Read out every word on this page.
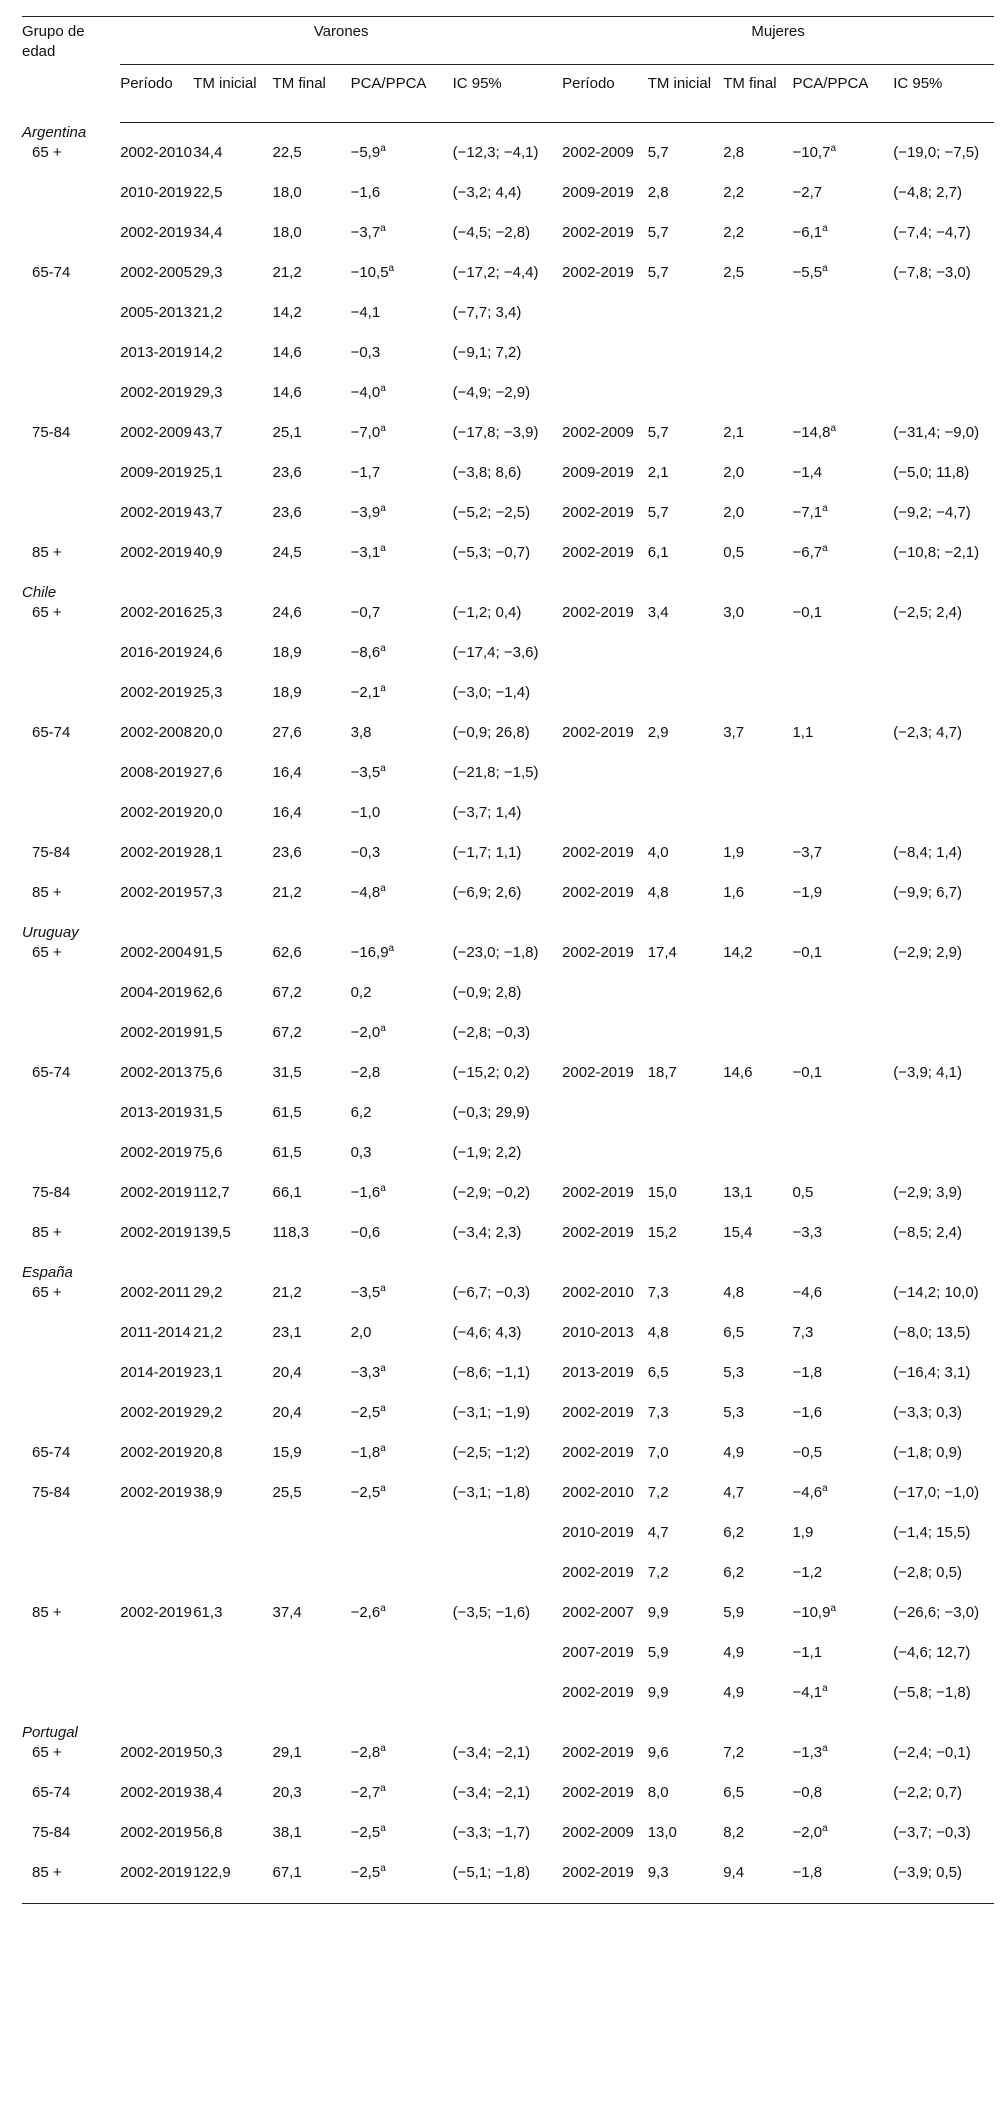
Grupo de edad	Varones					Mujeres				
	Período	TM inicial	TM final	PCA/PPCA	IC 95%	Período	TM inicial	TM final	PCA/PPCA	IC 95%
Argentina										
65 +	2002-2010	34,4	22,5	−5,9$^a$	(−12,3; −4,1)	2002-2009	5,7	2,8	−10,7$^a$	(−19,0; −7,5)
	2010-2019	22,5	18,0	−1,6	(−3,2; 4,4)	2009-2019	2,8	2,2	−2,7	(−4,8; 2,7)
	2002-2019	34,4	18,0	−3,7$^a$	(−4,5; −2,8)	2002-2019	5,7	2,2	−6,1$^a$	(−7,4; −4,7)
65-74	2002-2005	29,3	21,2	−10,5$^a$	(−17,2; −4,4)	2002-2019	5,7	2,5	−5,5$^a$	(−7,8; −3,0)
	2005-2013	21,2	14,2	−4,1	(−7,7; 3,4)					
	2013-2019	14,2	14,6	−0,3	(−9,1; 7,2)					
	2002-2019	29,3	14,6	−4,0$^a$	(−4,9; −2,9)					
75-84	2002-2009	43,7	25,1	−7,0$^a$	(−17,8; −3,9)	2002-2009	5,7	2,1	−14,8$^a$	(−31,4; −9,0)
	2009-2019	25,1	23,6	−1,7	(−3,8; 8,6)	2009-2019	2,1	2,0	−1,4	(−5,0; 11,8)
	2002-2019	43,7	23,6	−3,9$^a$	(−5,2; −2,5)	2002-2019	5,7	2,0	−7,1$^a$	(−9,2; −4,7)
85 +	2002-2019	40,9	24,5	−3,1$^a$	(−5,3; −0,7)	2002-2019	6,1	0,5	−6,7$^a$	(−10,8; −2,1)
Chile										
65 +	2002-2016	25,3	24,6	−0,7	(−1,2; 0,4)	2002-2019	3,4	3,0	−0,1	(−2,5; 2,4)
	2016-2019	24,6	18,9	−8,6$^a$	(−17,4; −3,6)					
	2002-2019	25,3	18,9	−2,1$^a$	(−3,0; −1,4)					
65-74	2002-2008	20,0	27,6	3,8	(−0,9; 26,8)	2002-2019	2,9	3,7	1,1	(−2,3; 4,7)
	2008-2019	27,6	16,4	−3,5$^a$	(−21,8; −1,5)					
	2002-2019	20,0	16,4	−1,0	(−3,7; 1,4)					
75-84	2002-2019	28,1	23,6	−0,3	(−1,7; 1,1)	2002-2019	4,0	1,9	−3,7	(−8,4; 1,4)
85 +	2002-2019	57,3	21,2	−4,8$^a$	(−6,9; 2,6)	2002-2019	4,8	1,6	−1,9	(−9,9; 6,7)
Uruguay										
65 +	2002-2004	91,5	62,6	−16,9$^a$	(−23,0; −1,8)	2002-2019	17,4	14,2	−0,1	(−2,9; 2,9)
	2004-2019	62,6	67,2	0,2	(−0,9; 2,8)					
	2002-2019	91,5	67,2	−2,0$^a$	(−2,8; −0,3)					
65-74	2002-2013	75,6	31,5	−2,8	(−15,2; 0,2)	2002-2019	18,7	14,6	−0,1	(−3,9; 4,1)
	2013-2019	31,5	61,5	6,2	(−0,3; 29,9)					
	2002-2019	75,6	61,5	0,3	(−1,9; 2,2)					
75-84	2002-2019	112,7	66,1	−1,6$^a$	(−2,9; −0,2)	2002-2019	15,0	13,1	0,5	(−2,9; 3,9)
85 +	2002-2019	139,5	118,3	−0,6	(−3,4; 2,3)	2002-2019	15,2	15,4	−3,3	(−8,5; 2,4)
España										
65 +	2002-2011	29,2	21,2	−3,5$^a$	(−6,7; −0,3)	2002-2010	7,3	4,8	−4,6	(−14,2; 10,0)
	2011-2014	21,2	23,1	2,0	(−4,6; 4,3)	2010-2013	4,8	6,5	7,3	(−8,0; 13,5)
	2014-2019	23,1	20,4	−3,3$^a$	(−8,6; −1,1)	2013-2019	6,5	5,3	−1,8	(−16,4; 3,1)
	2002-2019	29,2	20,4	−2,5$^a$	(−3,1; −1,9)	2002-2019	7,3	5,3	−1,6	(−3,3; 0,3)
65-74	2002-2019	20,8	15,9	−1,8$^a$	(−2,5; −1;2)	2002-2019	7,0	4,9	−0,5	(−1,8; 0,9)
75-84	2002-2019	38,9	25,5	−2,5$^a$	(−3,1; −1,8)	2002-2010	7,2	4,7	−4,6$^a$	(−17,0; −1,0)
						2010-2019	4,7	6,2	1,9	(−1,4; 15,5)
						2002-2019	7,2	6,2	−1,2	(−2,8; 0,5)
85 +	2002-2019	61,3	37,4	−2,6$^a$	(−3,5; −1,6)	2002-2007	9,9	5,9	−10,9$^a$	(−26,6; −3,0)
						2007-2019	5,9	4,9	−1,1	(−4,6; 12,7)
						2002-2019	9,9	4,9	−4,1$^a$	(−5,8; −1,8)
Portugal										
65 +	2002-2019	50,3	29,1	−2,8$^a$	(−3,4; −2,1)	2002-2019	9,6	7,2	−1,3$^a$	(−2,4; −0,1)
65-74	2002-2019	38,4	20,3	−2,7$^a$	(−3,4; −2,1)	2002-2019	8,0	6,5	−0,8	(−2,2; 0,7)
75-84	2002-2019	56,8	38,1	−2,5$^a$	(−3,3; −1,7)	2002-2009	13,0	8,2	−2,0$^a$	(−3,7; −0,3)
85 +	2002-2019	122,9	67,1	−2,5$^a$	(−5,1; −1,8)	2002-2019	9,3	9,4	−1,8	(−3,9; 0,5)
